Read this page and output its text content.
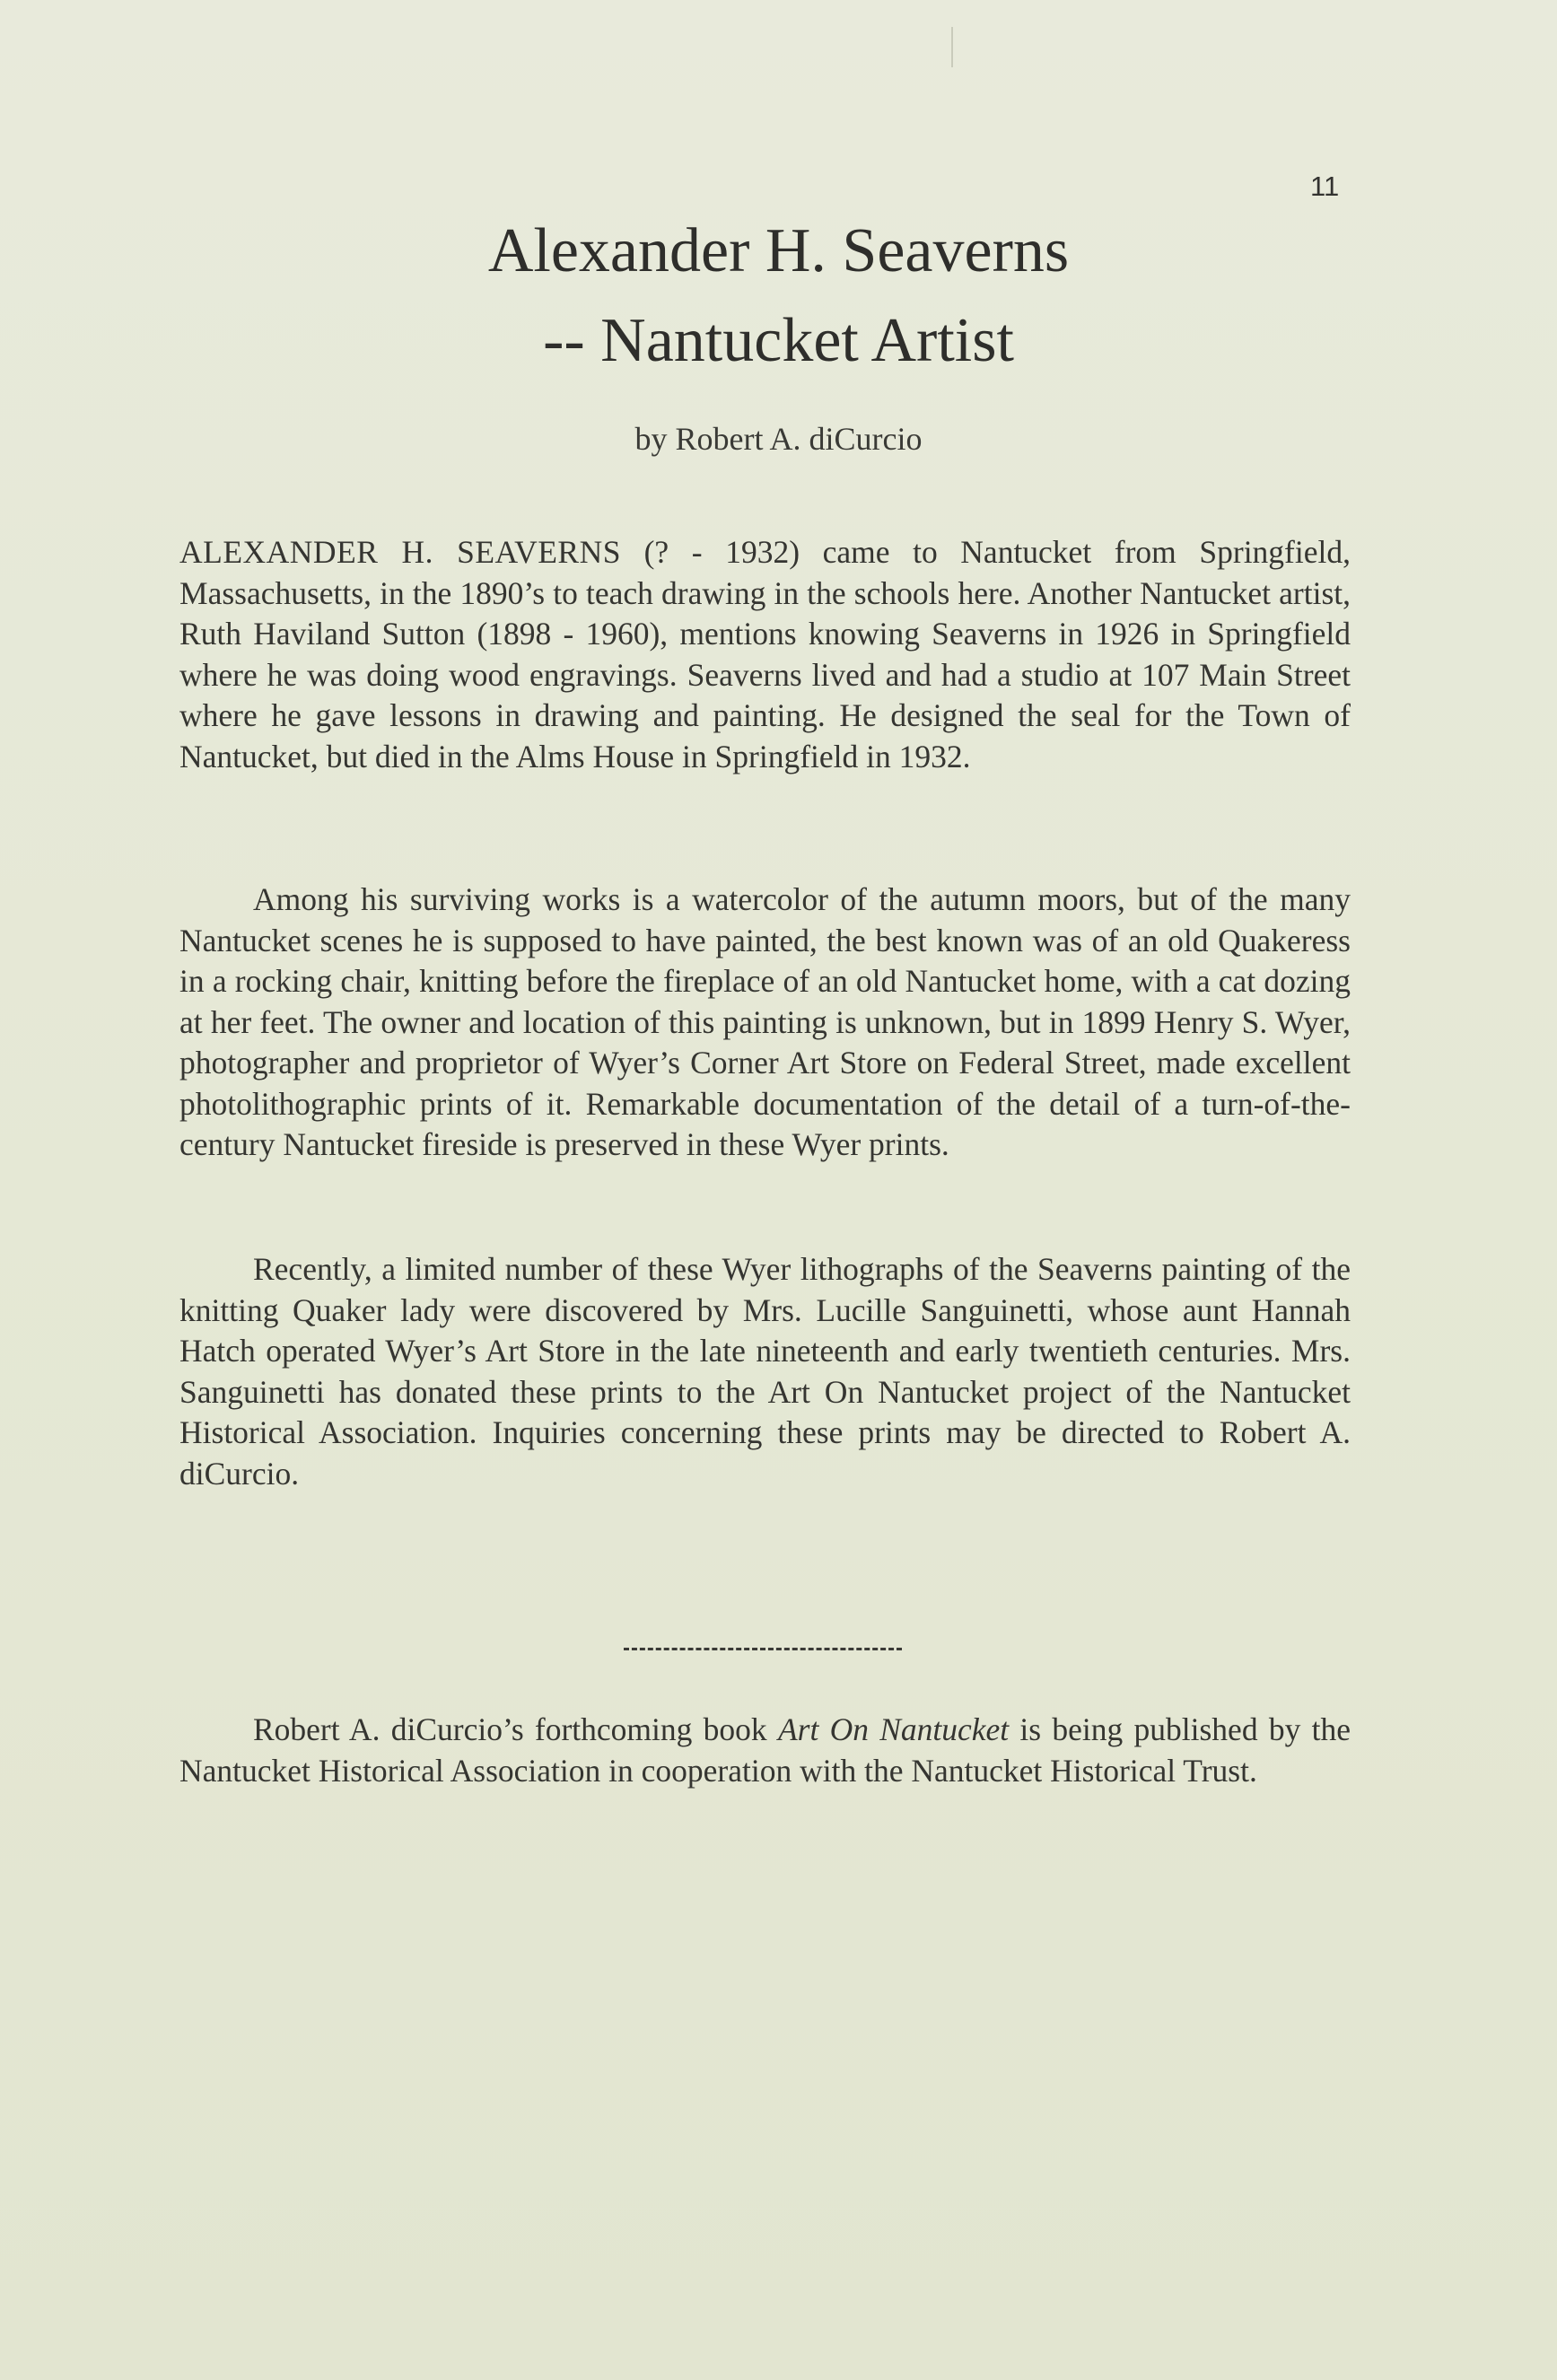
11
Alexander H. Seaverns
-- Nantucket Artist
by Robert A. diCurcio

ALEXANDER H. SEAVERNS (? - 1932) came to Nantucket from Springfield, Massachusetts, in the 1890’s to teach drawing in the schools here. Another Nantucket artist, Ruth Haviland Sutton (1898 - 1960), mentions knowing Seaverns in 1926 in Springfield where he was doing wood engravings. Seaverns lived and had a studio at 107 Main Street where he gave lessons in drawing and painting. He designed the seal for the Town of Nantucket, but died in the Alms House in Springfield in 1932.

Among his surviving works is a watercolor of the autumn moors, but of the many Nantucket scenes he is supposed to have painted, the best known was of an old Quakeress in a rocking chair, knitting before the fireplace of an old Nantucket home, with a cat dozing at her feet. The owner and location of this painting is unknown, but in 1899 Henry S. Wyer, photographer and proprietor of Wyer’s Corner Art Store on Federal Street, made excellent photolithographic prints of it. Remarkable documentation of the detail of a turn-of-the-century Nantucket fireside is preserved in these Wyer prints.

Recently, a limited number of these Wyer lithographs of the Seaverns painting of the knitting Quaker lady were discovered by Mrs. Lucille Sanguinetti, whose aunt Hannah Hatch operated Wyer’s Art Store in the late nineteenth and early twentieth centuries. Mrs. Sanguinetti has donated these prints to the Art On Nantucket project of the Nantucket Historical Association. Inquiries concerning these prints may be directed to Robert A. diCurcio.

Robert A. diCurcio’s forthcoming book Art On Nantucket is being published by the Nantucket Historical Association in cooperation with the Nantucket Historical Trust.
